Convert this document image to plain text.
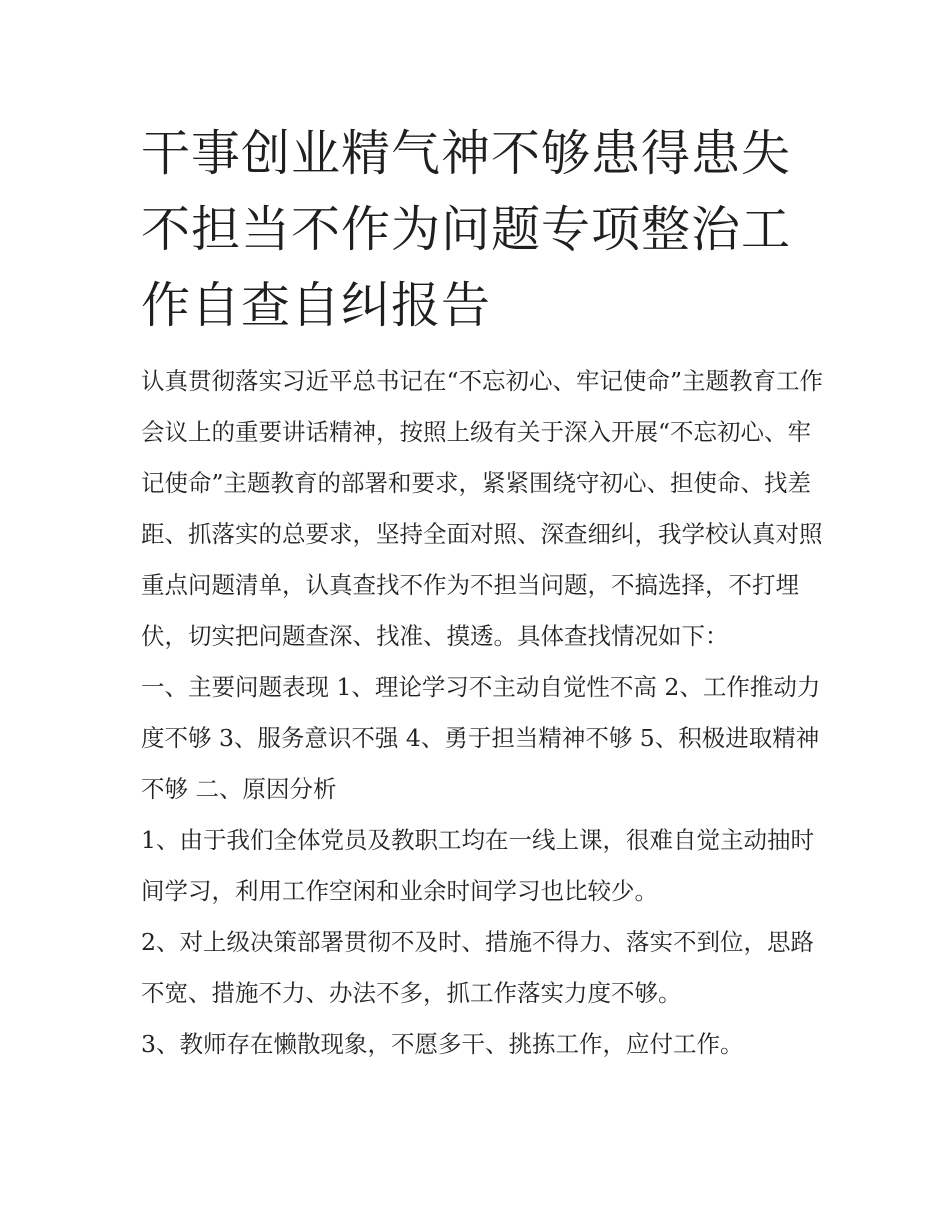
干事创业精气神不够患得患失不担当不作为问题专项整治工作自查自纠报告

认真贯彻落实习近平总书记在“不忘初心、牢记使命”主题教育工作会议上的重要讲话精神，按照上级有关于深入开展“不忘初心、牢记使命”主题教育的部署和要求，紧紧围绕守初心、担使命、找差距、抓落实的总要求，坚持全面对照、深查细纠，我学校认真对照重点问题清单，认真查找不作为不担当问题，不搞选择，不打埋伏，切实把问题查深、找准、摸透。具体查找情况如下：

一、主要问题表现 1、理论学习不主动自觉性不高 2、工作推动力度不够 3、服务意识不强 4、勇于担当精神不够 5、积极进取精神不够 二、原因分析

1、由于我们全体党员及教职工均在一线上课，很难自觉主动抽时间学习，利用工作空闲和业余时间学习也比较少。

2、对上级决策部署贯彻不及时、措施不得力、落实不到位，思路不宽、措施不力、办法不多，抓工作落实力度不够。

3、教师存在懒散现象，不愿多干、挑拣工作，应付工作。
